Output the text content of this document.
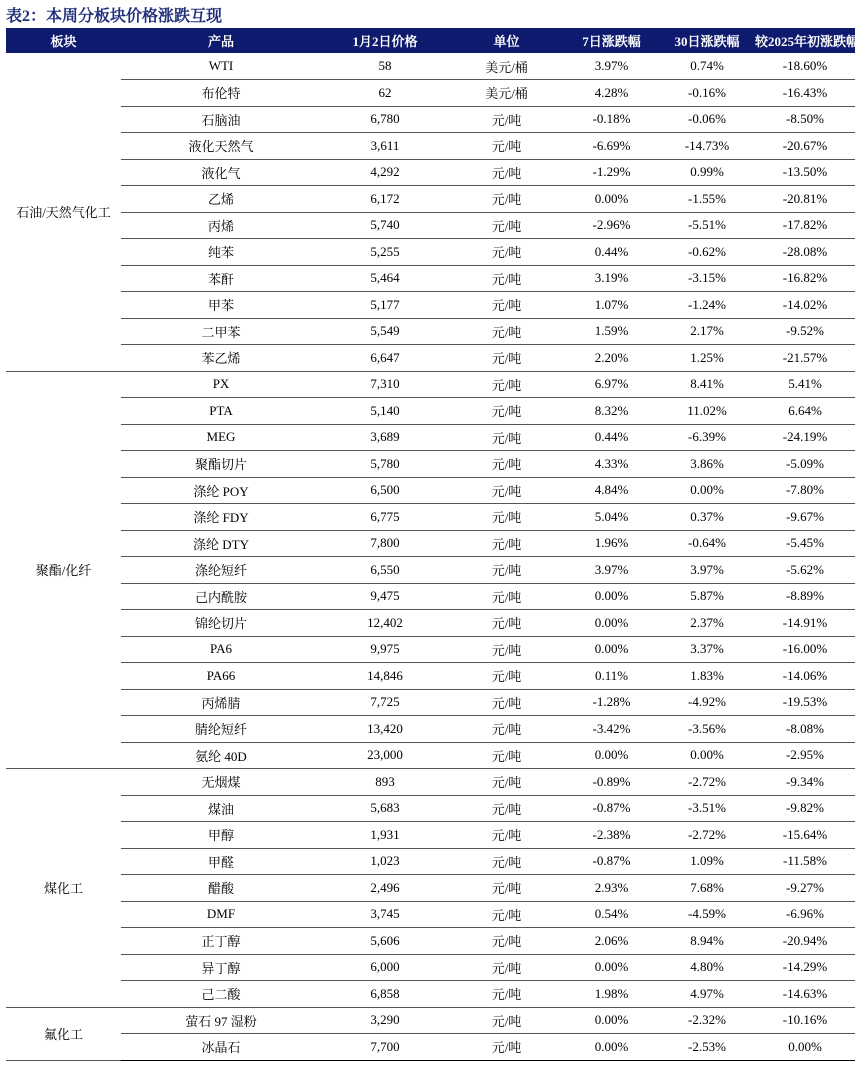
表2：本周分板块价格涨跌互现
板块	产品	1月2日价格	单位	7日涨跌幅	30日涨跌幅	较2025年初涨跌幅
石油/天然气化工	WTI	58	美元/桶	3.97%	0.74%	-18.60%
	布伦特	62	美元/桶	4.28%	-0.16%	-16.43%
	石脑油	6,780	元/吨	-0.18%	-0.06%	-8.50%
	液化天然气	3,611	元/吨	-6.69%	-14.73%	-20.67%
	液化气	4,292	元/吨	-1.29%	0.99%	-13.50%
	乙烯	6,172	元/吨	0.00%	-1.55%	-20.81%
	丙烯	5,740	元/吨	-2.96%	-5.51%	-17.82%
	纯苯	5,255	元/吨	0.44%	-0.62%	-28.08%
	苯酐	5,464	元/吨	3.19%	-3.15%	-16.82%
	甲苯	5,177	元/吨	1.07%	-1.24%	-14.02%
	二甲苯	5,549	元/吨	1.59%	2.17%	-9.52%
	苯乙烯	6,647	元/吨	2.20%	1.25%	-21.57%
聚酯/化纤	PX	7,310	元/吨	6.97%	8.41%	5.41%
	PTA	5,140	元/吨	8.32%	11.02%	6.64%
	MEG	3,689	元/吨	0.44%	-6.39%	-24.19%
	聚酯切片	5,780	元/吨	4.33%	3.86%	-5.09%
	涤纶 POY	6,500	元/吨	4.84%	0.00%	-7.80%
	涤纶 FDY	6,775	元/吨	5.04%	0.37%	-9.67%
	涤纶 DTY	7,800	元/吨	1.96%	-0.64%	-5.45%
	涤纶短纤	6,550	元/吨	3.97%	3.97%	-5.62%
	己内酰胺	9,475	元/吨	0.00%	5.87%	-8.89%
	锦纶切片	12,402	元/吨	0.00%	2.37%	-14.91%
	PA6	9,975	元/吨	0.00%	3.37%	-16.00%
	PA66	14,846	元/吨	0.11%	1.83%	-14.06%
	丙烯腈	7,725	元/吨	-1.28%	-4.92%	-19.53%
	腈纶短纤	13,420	元/吨	-3.42%	-3.56%	-8.08%
	氨纶 40D	23,000	元/吨	0.00%	0.00%	-2.95%
煤化工	无烟煤	893	元/吨	-0.89%	-2.72%	-9.34%
	煤油	5,683	元/吨	-0.87%	-3.51%	-9.82%
	甲醇	1,931	元/吨	-2.38%	-2.72%	-15.64%
	甲醛	1,023	元/吨	-0.87%	1.09%	-11.58%
	醋酸	2,496	元/吨	2.93%	7.68%	-9.27%
	DMF	3,745	元/吨	0.54%	-4.59%	-6.96%
	正丁醇	5,606	元/吨	2.06%	8.94%	-20.94%
	异丁醇	6,000	元/吨	0.00%	4.80%	-14.29%
	己二酸	6,858	元/吨	1.98%	4.97%	-14.63%
氟化工	萤石 97 湿粉	3,290	元/吨	0.00%	-2.32%	-10.16%
	冰晶石	7,700	元/吨	0.00%	-2.53%	0.00%
